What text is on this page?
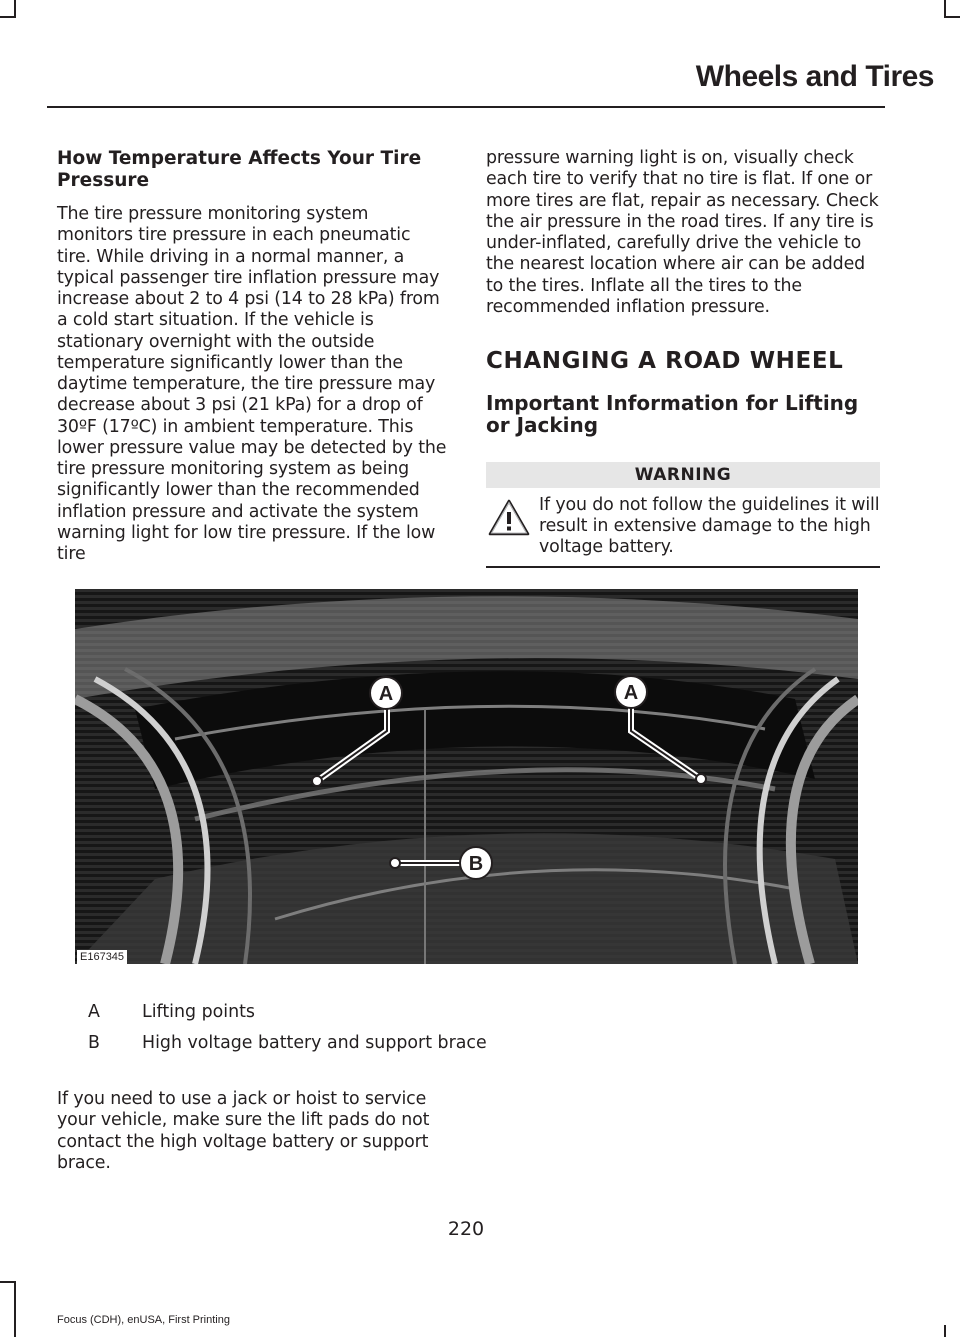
Wheels and Tires
How Temperature Affects Your Tire Pressure

The tire pressure monitoring system monitors tire pressure in each pneumatic tire. While driving in a normal manner, a typical passenger tire inflation pressure may increase about 2 to 4 psi (14 to 28 kPa) from a cold start situation. If the vehicle is stationary overnight with the outside temperature significantly lower than the daytime temperature, the tire pressure may decrease about 3 psi (21 kPa) for a drop of 30ºF (17ºC) in ambient temperature. This lower pressure value may be detected by the tire pressure monitoring system as being significantly lower than the recommended inflation pressure and activate the system warning light for low tire pressure. If the low tire

pressure warning light is on, visually check each tire to verify that no tire is flat. If one or more tires are flat, repair as necessary. Check the air pressure in the road tires. If any tire is under-inflated, carefully drive the vehicle to the nearest location where air can be added to the tires. Inflate all the tires to the recommended inflation pressure.

CHANGING A ROAD WHEEL
Important Information for Lifting or Jacking
WARNING
If you do not follow the guidelines it will result in extensive damage to the high voltage battery.
A	A
B
E167345
A	Lifting points
B	High voltage battery and support brace

If you need to use a jack or hoist to service your vehicle, make sure the lift pads do not contact the high voltage battery or support brace.

220
Focus (CDH), enUSA, First Printing
